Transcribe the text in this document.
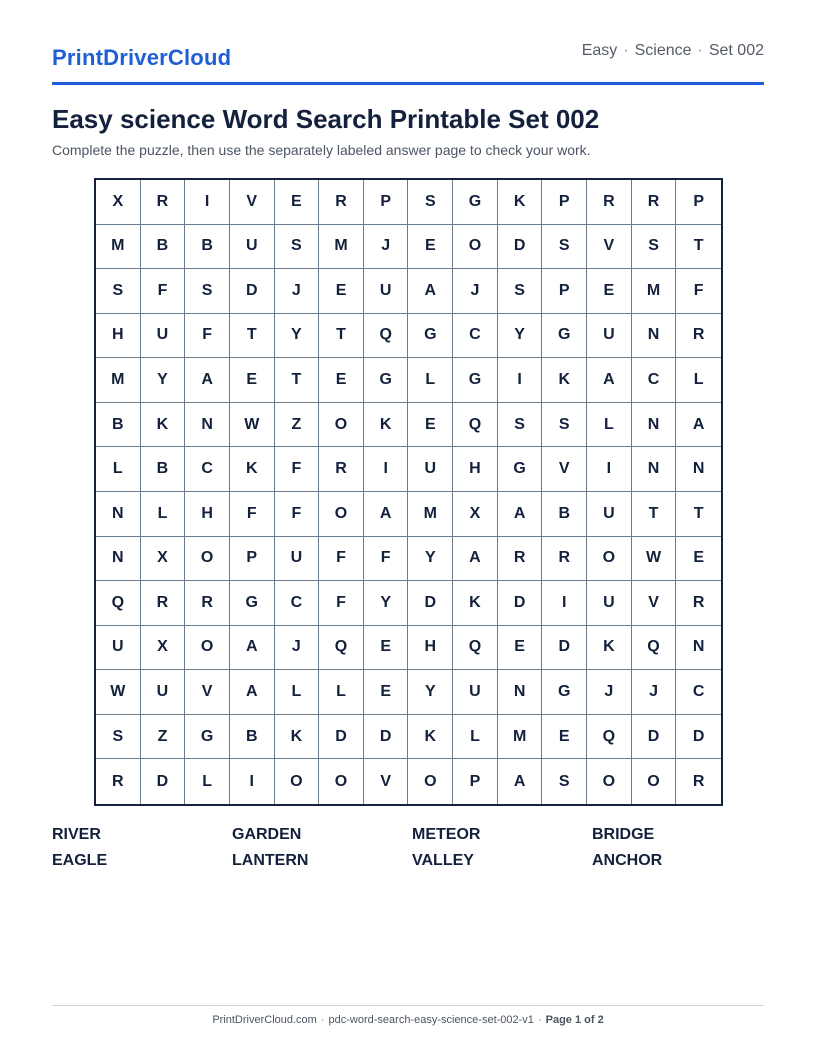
PrintDriverCloud	Easy · Science · Set 002
Easy science Word Search Printable Set 002
Complete the puzzle, then use the separately labeled answer page to check your work.
X	R	I	V	E	R	P	S	G	K	P	R	R	P
M	B	B	U	S	M	J	E	O	D	S	V	S	T
S	F	S	D	J	E	U	A	J	S	P	E	M	F
H	U	F	T	Y	T	Q	G	C	Y	G	U	N	R
M	Y	A	E	T	E	G	L	G	I	K	A	C	L
B	K	N	W	Z	O	K	E	Q	S	S	L	N	A
L	B	C	K	F	R	I	U	H	G	V	I	N	N
N	L	H	F	F	O	A	M	X	A	B	U	T	T
N	X	O	P	U	F	F	Y	A	R	R	O	W	E
Q	R	R	G	C	F	Y	D	K	D	I	U	V	R
U	X	O	A	J	Q	E	H	Q	E	D	K	Q	N
W	U	V	A	L	L	E	Y	U	N	G	J	J	C
S	Z	G	B	K	D	D	K	L	M	E	Q	D	D
R	D	L	I	O	O	V	O	P	A	S	O	O	R
RIVER	GARDEN	METEOR	BRIDGE
EAGLE	LANTERN	VALLEY	ANCHOR
PrintDriverCloud.com · pdc-word-search-easy-science-set-002-v1 · Page 1 of 2
